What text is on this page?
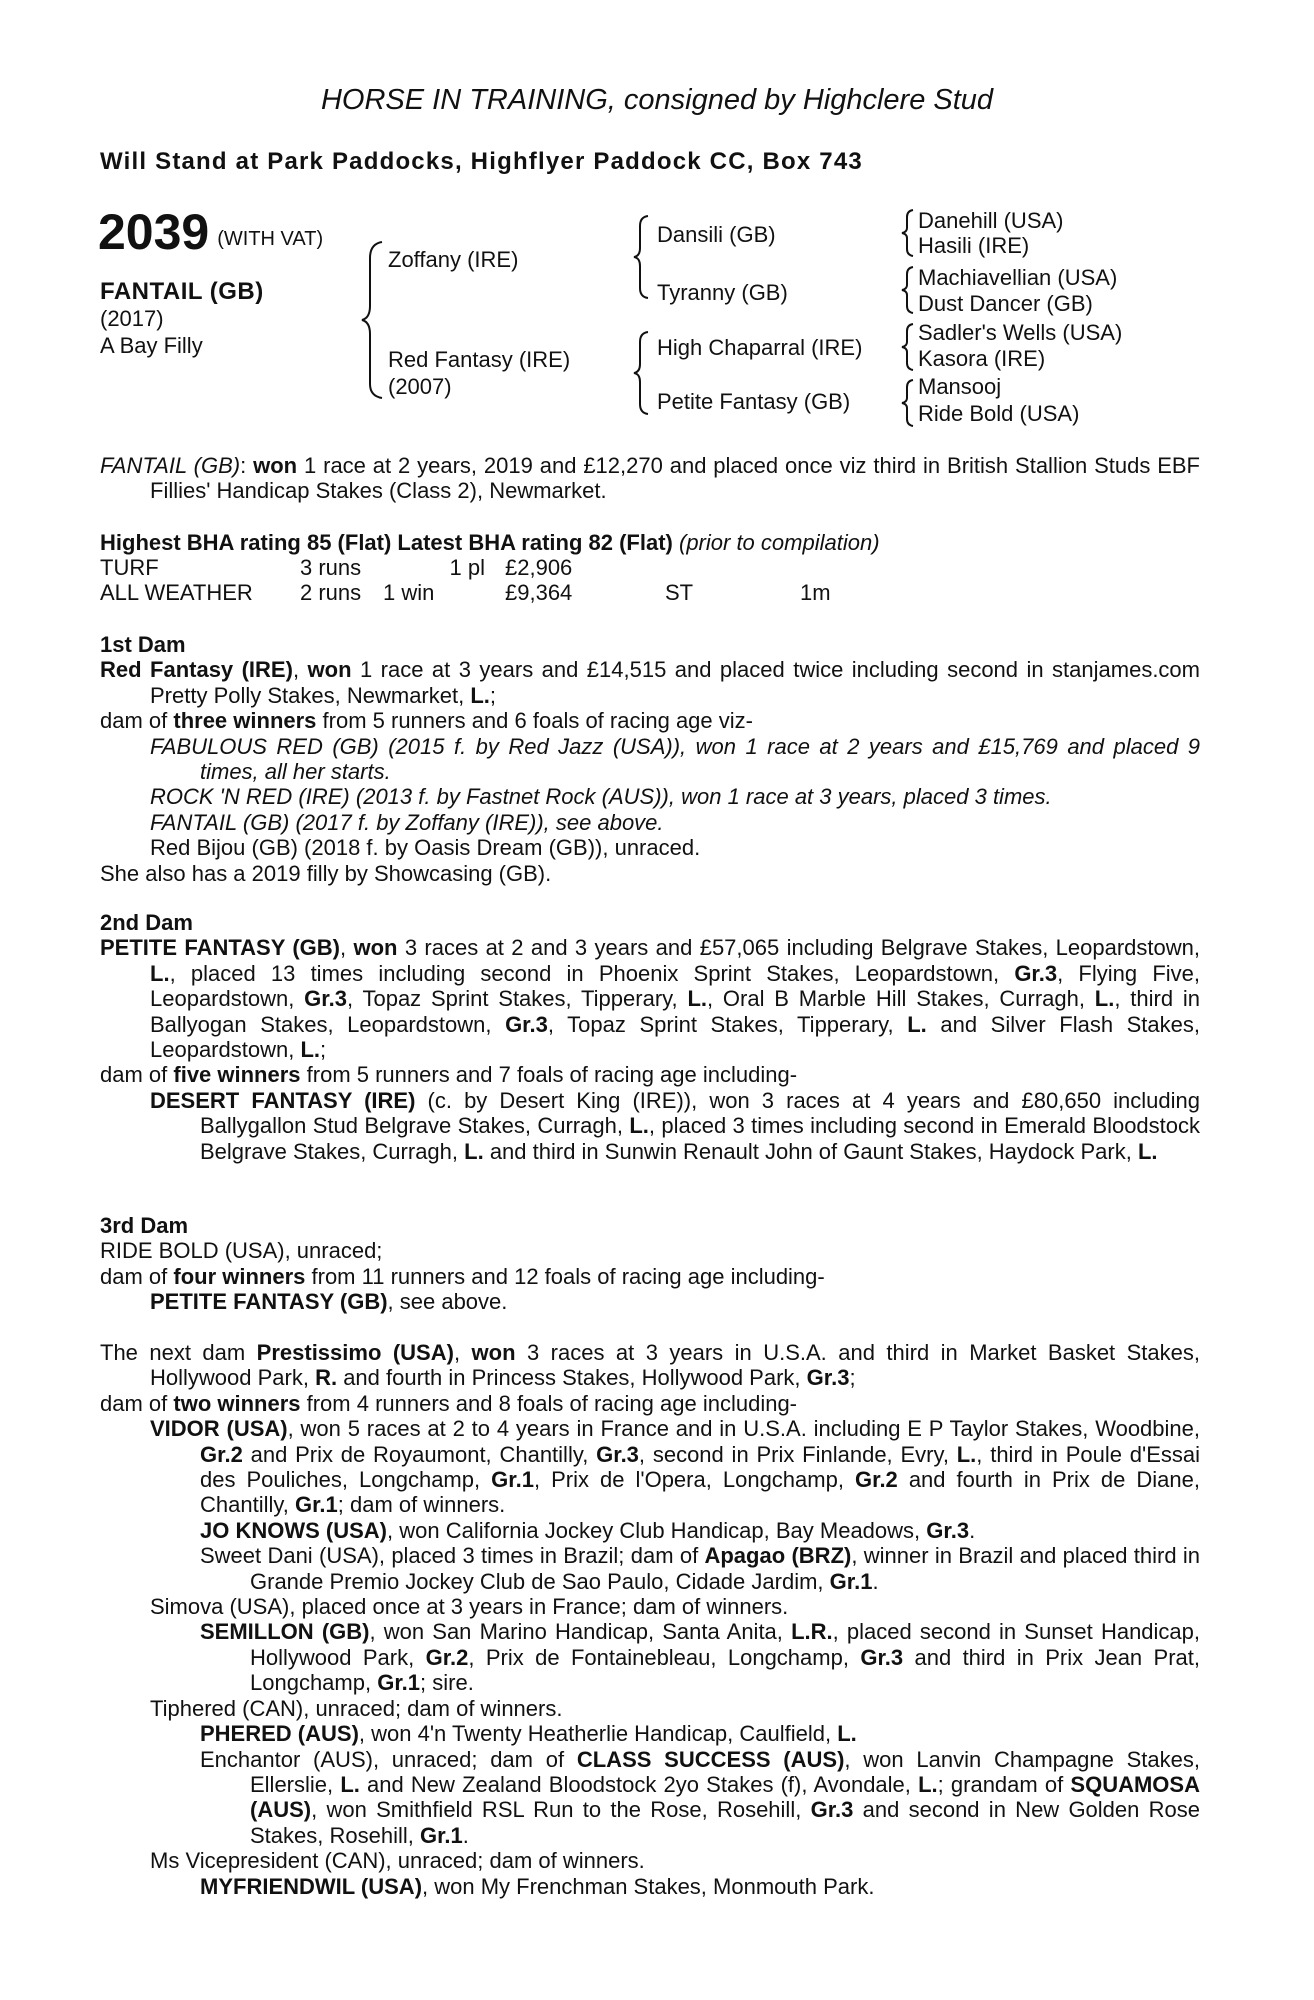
HORSE IN TRAINING, consigned by Highclere Stud
Will Stand at Park Paddocks, Highflyer Paddock CC, Box 743
2039 (WITH VAT)
FANTAIL (GB)
(2017)
A Bay Filly
Zoffany (IRE)
Red Fantasy (IRE)
(2007)
Dansili (GB)
Tyranny (GB)
High Chaparral (IRE)
Petite Fantasy (GB)
Danehill (USA)
Hasili (IRE)
Machiavellian (USA)
Dust Dancer (GB)
Sadler's Wells (USA)
Kasora (IRE)
Mansooj
Ride Bold (USA)

FANTAIL (GB): won 1 race at 2 years, 2019 and £12,270 and placed once viz third in British Stallion Studs EBF Fillies' Handicap Stakes (Class 2), Newmarket.

Highest BHA rating 85 (Flat) Latest BHA rating 82 (Flat) (prior to compilation)
TURF	3 runs	1 pl £2,906
ALL WEATHER	2 runs 1 win	£9,364	ST	1m

1st Dam

Red Fantasy (IRE), won 1 race at 3 years and £14,515 and placed twice including second in stanjames.com Pretty Polly Stakes, Newmarket, L.;

dam of three winners from 5 runners and 6 foals of racing age viz-

FABULOUS RED (GB) (2015 f. by Red Jazz (USA)), won 1 race at 2 years and £15,769 and placed 9 times, all her starts.

ROCK 'N RED (IRE) (2013 f. by Fastnet Rock (AUS)), won 1 race at 3 years, placed 3 times.

FANTAIL (GB) (2017 f. by Zoffany (IRE)), see above.

Red Bijou (GB) (2018 f. by Oasis Dream (GB)), unraced.

She also has a 2019 filly by Showcasing (GB).

2nd Dam

PETITE FANTASY (GB), won 3 races at 2 and 3 years and £57,065 including Belgrave Stakes, Leopardstown, L., placed 13 times including second in Phoenix Sprint Stakes, Leopardstown, Gr.3, Flying Five, Leopardstown, Gr.3, Topaz Sprint Stakes, Tipperary, L., Oral B Marble Hill Stakes, Curragh, L., third in Ballyogan Stakes, Leopardstown, Gr.3, Topaz Sprint Stakes, Tipperary, L. and Silver Flash Stakes, Leopardstown, L.;

dam of five winners from 5 runners and 7 foals of racing age including-

DESERT FANTASY (IRE) (c. by Desert King (IRE)), won 3 races at 4 years and £80,650 including Ballygallon Stud Belgrave Stakes, Curragh, L., placed 3 times including second in Emerald Bloodstock Belgrave Stakes, Curragh, L. and third in Sunwin Renault John of Gaunt Stakes, Haydock Park, L.

3rd Dam

RIDE BOLD (USA), unraced;

dam of four winners from 11 runners and 12 foals of racing age including-

PETITE FANTASY (GB), see above.

The next dam Prestissimo (USA), won 3 races at 3 years in U.S.A. and third in Market Basket Stakes, Hollywood Park, R. and fourth in Princess Stakes, Hollywood Park, Gr.3;

dam of two winners from 4 runners and 8 foals of racing age including-

VIDOR (USA), won 5 races at 2 to 4 years in France and in U.S.A. including E P Taylor Stakes, Woodbine, Gr.2 and Prix de Royaumont, Chantilly, Gr.3, second in Prix Finlande, Evry, L., third in Poule d'Essai des Pouliches, Longchamp, Gr.1, Prix de l'Opera, Longchamp, Gr.2 and fourth in Prix de Diane, Chantilly, Gr.1; dam of winners.

JO KNOWS (USA), won California Jockey Club Handicap, Bay Meadows, Gr.3.

Sweet Dani (USA), placed 3 times in Brazil; dam of Apagao (BRZ), winner in Brazil and placed third in Grande Premio Jockey Club de Sao Paulo, Cidade Jardim, Gr.1.

Simova (USA), placed once at 3 years in France; dam of winners.

SEMILLON (GB), won San Marino Handicap, Santa Anita, L.R., placed second in Sunset Handicap, Hollywood Park, Gr.2, Prix de Fontainebleau, Longchamp, Gr.3 and third in Prix Jean Prat, Longchamp, Gr.1; sire.

Tiphered (CAN), unraced; dam of winners.

PHERED (AUS), won 4'n Twenty Heatherlie Handicap, Caulfield, L.

Enchantor (AUS), unraced; dam of CLASS SUCCESS (AUS), won Lanvin Champagne Stakes, Ellerslie, L. and New Zealand Bloodstock 2yo Stakes (f), Avondale, L.; grandam of SQUAMOSA (AUS), won Smithfield RSL Run to the Rose, Rosehill, Gr.3 and second in New Golden Rose Stakes, Rosehill, Gr.1.

Ms Vicepresident (CAN), unraced; dam of winners.

MYFRIENDWIL (USA), won My Frenchman Stakes, Monmouth Park.
